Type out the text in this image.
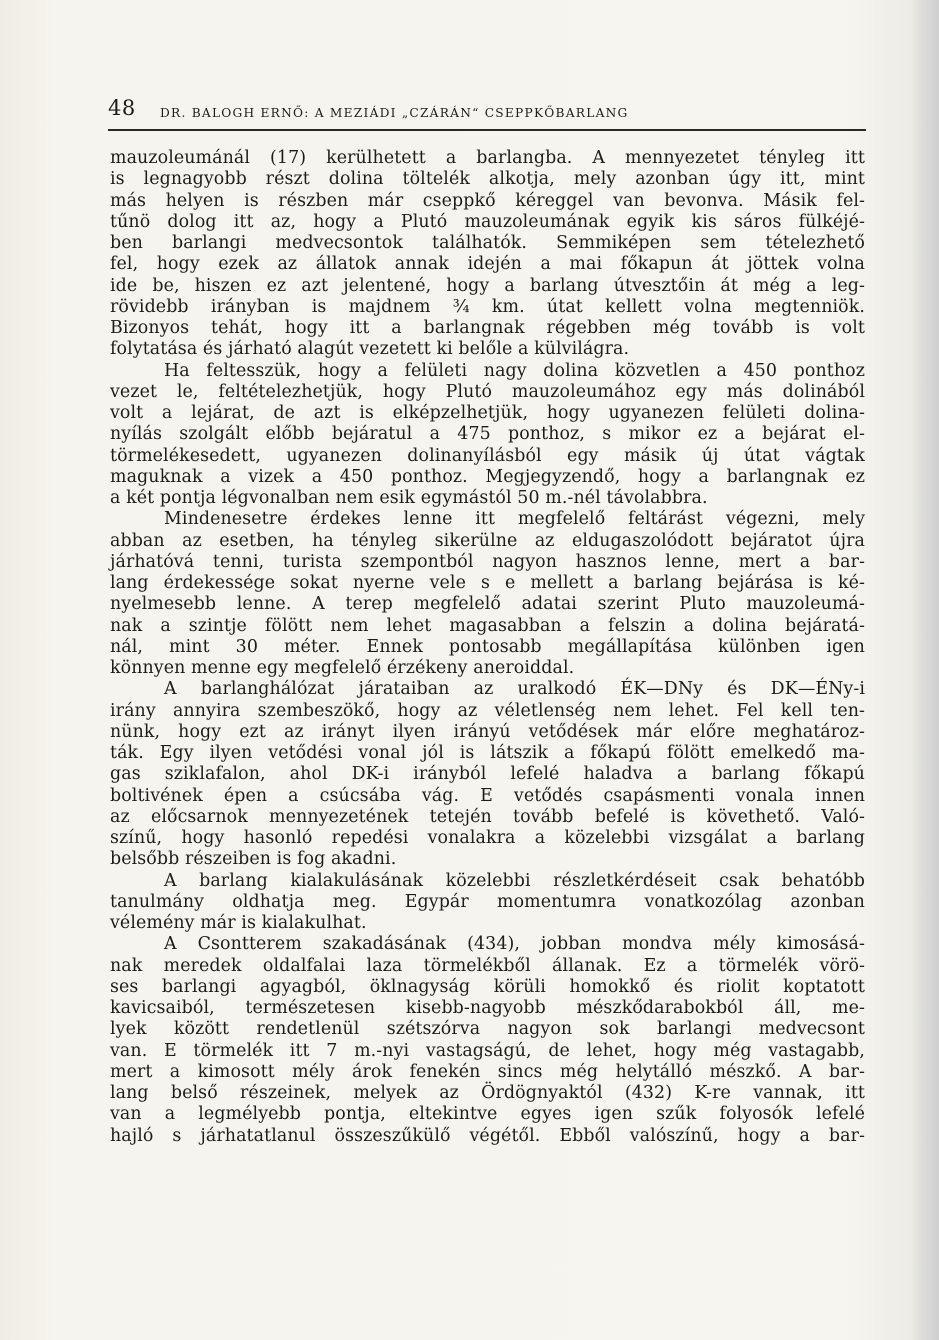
48 DR. BALOGH ERNŐ: A MEZIÁDI „CZÁRÁN“ CSEPPKŐBARLANG
mauzoleumánál (17) kerülhetett a barlangba. A mennyezetet tényleg itt
is legnagyobb részt dolina töltelék alkotja, mely azonban úgy itt, mint
más helyen is részben már cseppkő kéreggel van bevonva. Másik fel-
tűnö dolog itt az, hogy a Plutó mauzoleumának egyik kis sáros fülkéjé-
ben barlangi medvecsontok találhatók. Semmiképen sem tételezhető
fel, hogy ezek az állatok annak idején a mai főkapun át jöttek volna
ide be, hiszen ez azt jelentené, hogy a barlang útvesztőin át még a leg-
rövidebb irányban is majdnem ¾ km. útat kellett volna megtenniök.
Bizonyos tehát, hogy itt a barlangnak régebben még tovább is volt
folytatása és járható alagút vezetett ki belőle a külvilágra.
Ha feltesszük, hogy a felületi nagy dolina közvetlen a 450 ponthoz
vezet le, feltételezhetjük, hogy Plutó mauzoleumához egy más dolinából
volt a lejárat, de azt is elképzelhetjük, hogy ugyanezen felületi dolina-
nyílás szolgált előbb bejáratul a 475 ponthoz, s mikor ez a bejárat el-
törmelékesedett, ugyanezen dolinanyílásból egy másik új útat vágtak
maguknak a vizek a 450 ponthoz. Megjegyzendő, hogy a barlangnak ez
a két pontja légvonalban nem esik egymástól 50 m.-nél távolabbra.
Mindenesetre érdekes lenne itt megfelelő feltárást végezni, mely
abban az esetben, ha tényleg sikerülne az eldugaszolódott bejáratot újra
járhatóvá tenni, turista szempontból nagyon hasznos lenne, mert a bar-
lang érdekessége sokat nyerne vele s e mellett a barlang bejárása is ké-
nyelmesebb lenne. A terep megfelelő adatai szerint Pluto mauzoleumá-
nak a szintje fölött nem lehet magasabban a felszin a dolina bejáratá-
nál, mint 30 méter. Ennek pontosabb megállapítása különben igen
könnyen menne egy megfelelő érzékeny aneroiddal.
A barlanghálózat járataiban az uralkodó ÉK—DNy és DK—ÉNy-i
irány annyira szembeszökő, hogy az véletlenség nem lehet. Fel kell ten-
nünk, hogy ezt az irányt ilyen irányú vetődések már előre meghatároz-
ták. Egy ilyen vetődési vonal jól is látszik a főkapú fölött emelkedő ma-
gas sziklafalon, ahol DK-i irányból lefelé haladva a barlang főkapú
boltivének épen a csúcsába vág. E vetődés csapásmenti vonala innen
az előcsarnok mennyezetének tetején tovább befelé is követhető. Való-
színű, hogy hasonló repedési vonalakra a közelebbi vizsgálat a barlang
belsőbb részeiben is fog akadni.
A barlang kialakulásának közelebbi részletkérdéseit csak behatóbb
tanulmány oldhatja meg. Egypár momentumra vonatkozólag azonban
vélemény már is kialakulhat.
A Csontterem szakadásának (434), jobban mondva mély kimosásá-
nak meredek oldalfalai laza törmelékből állanak. Ez a törmelék vörö-
ses barlangi agyagból, öklnagyság körüli homokkő és riolit koptatott
kavicsaiból, természetesen kisebb-nagyobb mészkődarabokból áll, me-
lyek között rendetlenül szétszórva nagyon sok barlangi medvecsont
van. E törmelék itt 7 m.-nyi vastagságú, de lehet, hogy még vastagabb,
mert a kimosott mély árok fenekén sincs még helytálló mészkő. A bar-
lang belső részeinek, melyek az Ördögnyaktól (432) K-re vannak, itt
van a legmélyebb pontja, eltekintve egyes igen szűk folyosók lefelé
hajló s járhatatlanul összeszűkülő végétől. Ebből valószínű, hogy a bar-
